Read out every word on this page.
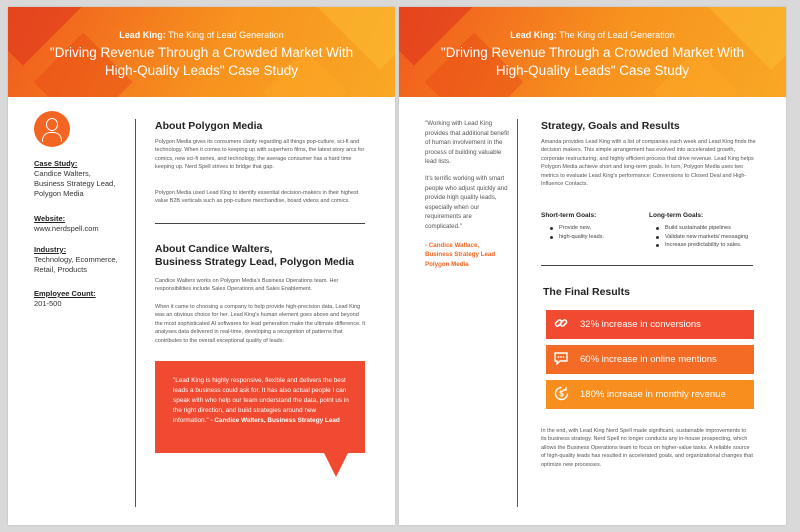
Lead King: The King of Lead Generation
"Driving Revenue Through a Crowded Market With
High-Quality Leads" Case Study
Case Study:
Candice Walters,
Business Strategy Lead,
Polygon Media
Website:
www.nerdspell.com
Industry:
Technology, Ecommerce,
Retail, Products
Employee Count:
201-500
About Polygon Media
Polygon Media gives its consumers clarity regarding all things pop-culture, sci-fi and technology. When it comes to keeping up with superhero films, the latest story arcs for comics, new sci-fi series, and technology, the average consumer has a hard time keeping up. Nerd Spell strives to bridge that gap.
Polygon Media used Lead King to identify essential decision-makers in their highest value B2B verticals such as pop-culture merchandise, board videos and comics.
About Candice Walters,
Business Strategy Lead, Polygon Media
Candice Walters works on Polygon Media's Business Operations team. Her responsibilities include Sales Operations and Sales Enablement.
When it came to choosing a company to help provide high-precision data, Lead King was an obvious choice for her. Lead King's human element goes above and beyond the most sophisticated AI softwares for lead generation make the ultimate difference. It analyses data delivered in real-time, developing a recognition of patterns that contributes to the overall exceptional quality of leads.
"Lead King is highly responsive, flexible and delivers the best leads a business could ask for. It has also actual people I can speak with who help our team understand the data, point us in the right direction, and build strategies around new information." - Candice Walters, Business Strategy Lead
Lead King: The King of Lead Generation
"Driving Revenue Through a Crowded Market With
High-Quality Leads" Case Study
"Working with Lead King provides that additional benefit of human involvement in the process of building valuable lead lists.
It's terrific working with smart people who adjust quickly and provide high quality leads, especially when our requirements are complicated."
- Candice Wallace,
Business Strategy Lead
Polygon Media
Strategy, Goals and Results
Amanda provides Lead King with a list of companies each week and Lead King finds the decision makers. This simple arrangement has evolved into accelerated growth, corporate restructuring, and highly efficient process that drive revenue. Lead King helps Polygon Media achieve short and long-term goals. In turn, Polygon Media uses two metrics to evaluate Lead King's performance: Conversions to Closed Deal and High-Influence Contacts.
Short-term Goals:
Provide new,
high-quality leads.
Long-term Goals:
Build sustainable pipelines
Validate new markets/ messaging
Increase predictability to sales.
The Final Results
32% increase in conversions
60% increase in online mentions
$	180% increase in monthly revenue
In the end, with Lead King Nerd Spell made significant, sustainable improvements to its business strategy. Nerd Spell no longer conducts any in-house prospecting, which allows the Business Operations team to focus on higher-value tasks. A reliable source of high-quality leads has resulted in accelerated goals, and organizational changes that optimize new processes.
